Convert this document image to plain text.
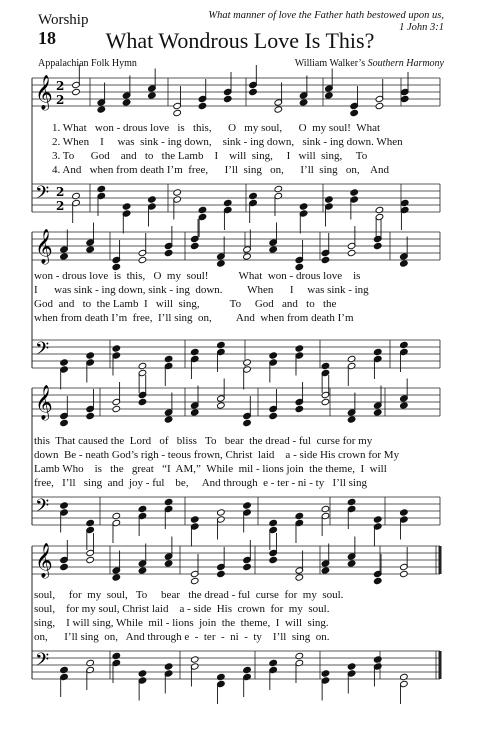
Worship
18	What Wondrous Love Is This?
What manner of love the Father hath bestowed upon us,
1 John 3:1
Appalachian Folk Hymn	William Walker’s Southern Harmony
𝄞 2
2
𝄢 2
2
1. What   won - drous love   is   this,      O   my soul,      O  my soul!  What
2. When    I     was  sink - ing down,    sink - ing down,   sink - ing down. When
3. To      God    and   to   the Lamb    I    will  sing,     I   will  sing,     To
4. And   when from death I’m  free,      I’ll  sing   on,      I’ll  sing   on,    And
𝄞
𝄢
won - drous love  is  this,   O  my  soul!           What  won - drous love    is
I      was sink - ing down, sink - ing  down.         When      I     was sink - ing
God  and   to  the Lamb  I   will  sing,           To     God   and   to   the
when from death I’m  free,  I’ll sing  on,         And  when from death I’m
𝄞
𝄢
this  That caused the  Lord   of   bliss   To   bear  the dread - ful  curse for my
down  Be - neath God’s righ - teous frown, Christ  laid    a - side His crown for My
Lamb Who    is   the   great   “I  AM,”  While  mil - lions join  the theme,  I  will
free,   I’ll   sing  and  joy - ful    be,     And through  e - ter - ni - ty   I’ll sing
𝄞
𝄢
soul,     for  my  soul,   To     bear   the dread - ful  curse  for  my  soul.
soul,    for my soul, Christ laid    a - side  His  crown  for  my  soul.
sing,    I will sing, While  mil - lions  join  the  theme,  I  will  sing.
on,      I’ll sing  on,   And through e  -  ter  -  ni  -  ty    I’ll  sing  on.
